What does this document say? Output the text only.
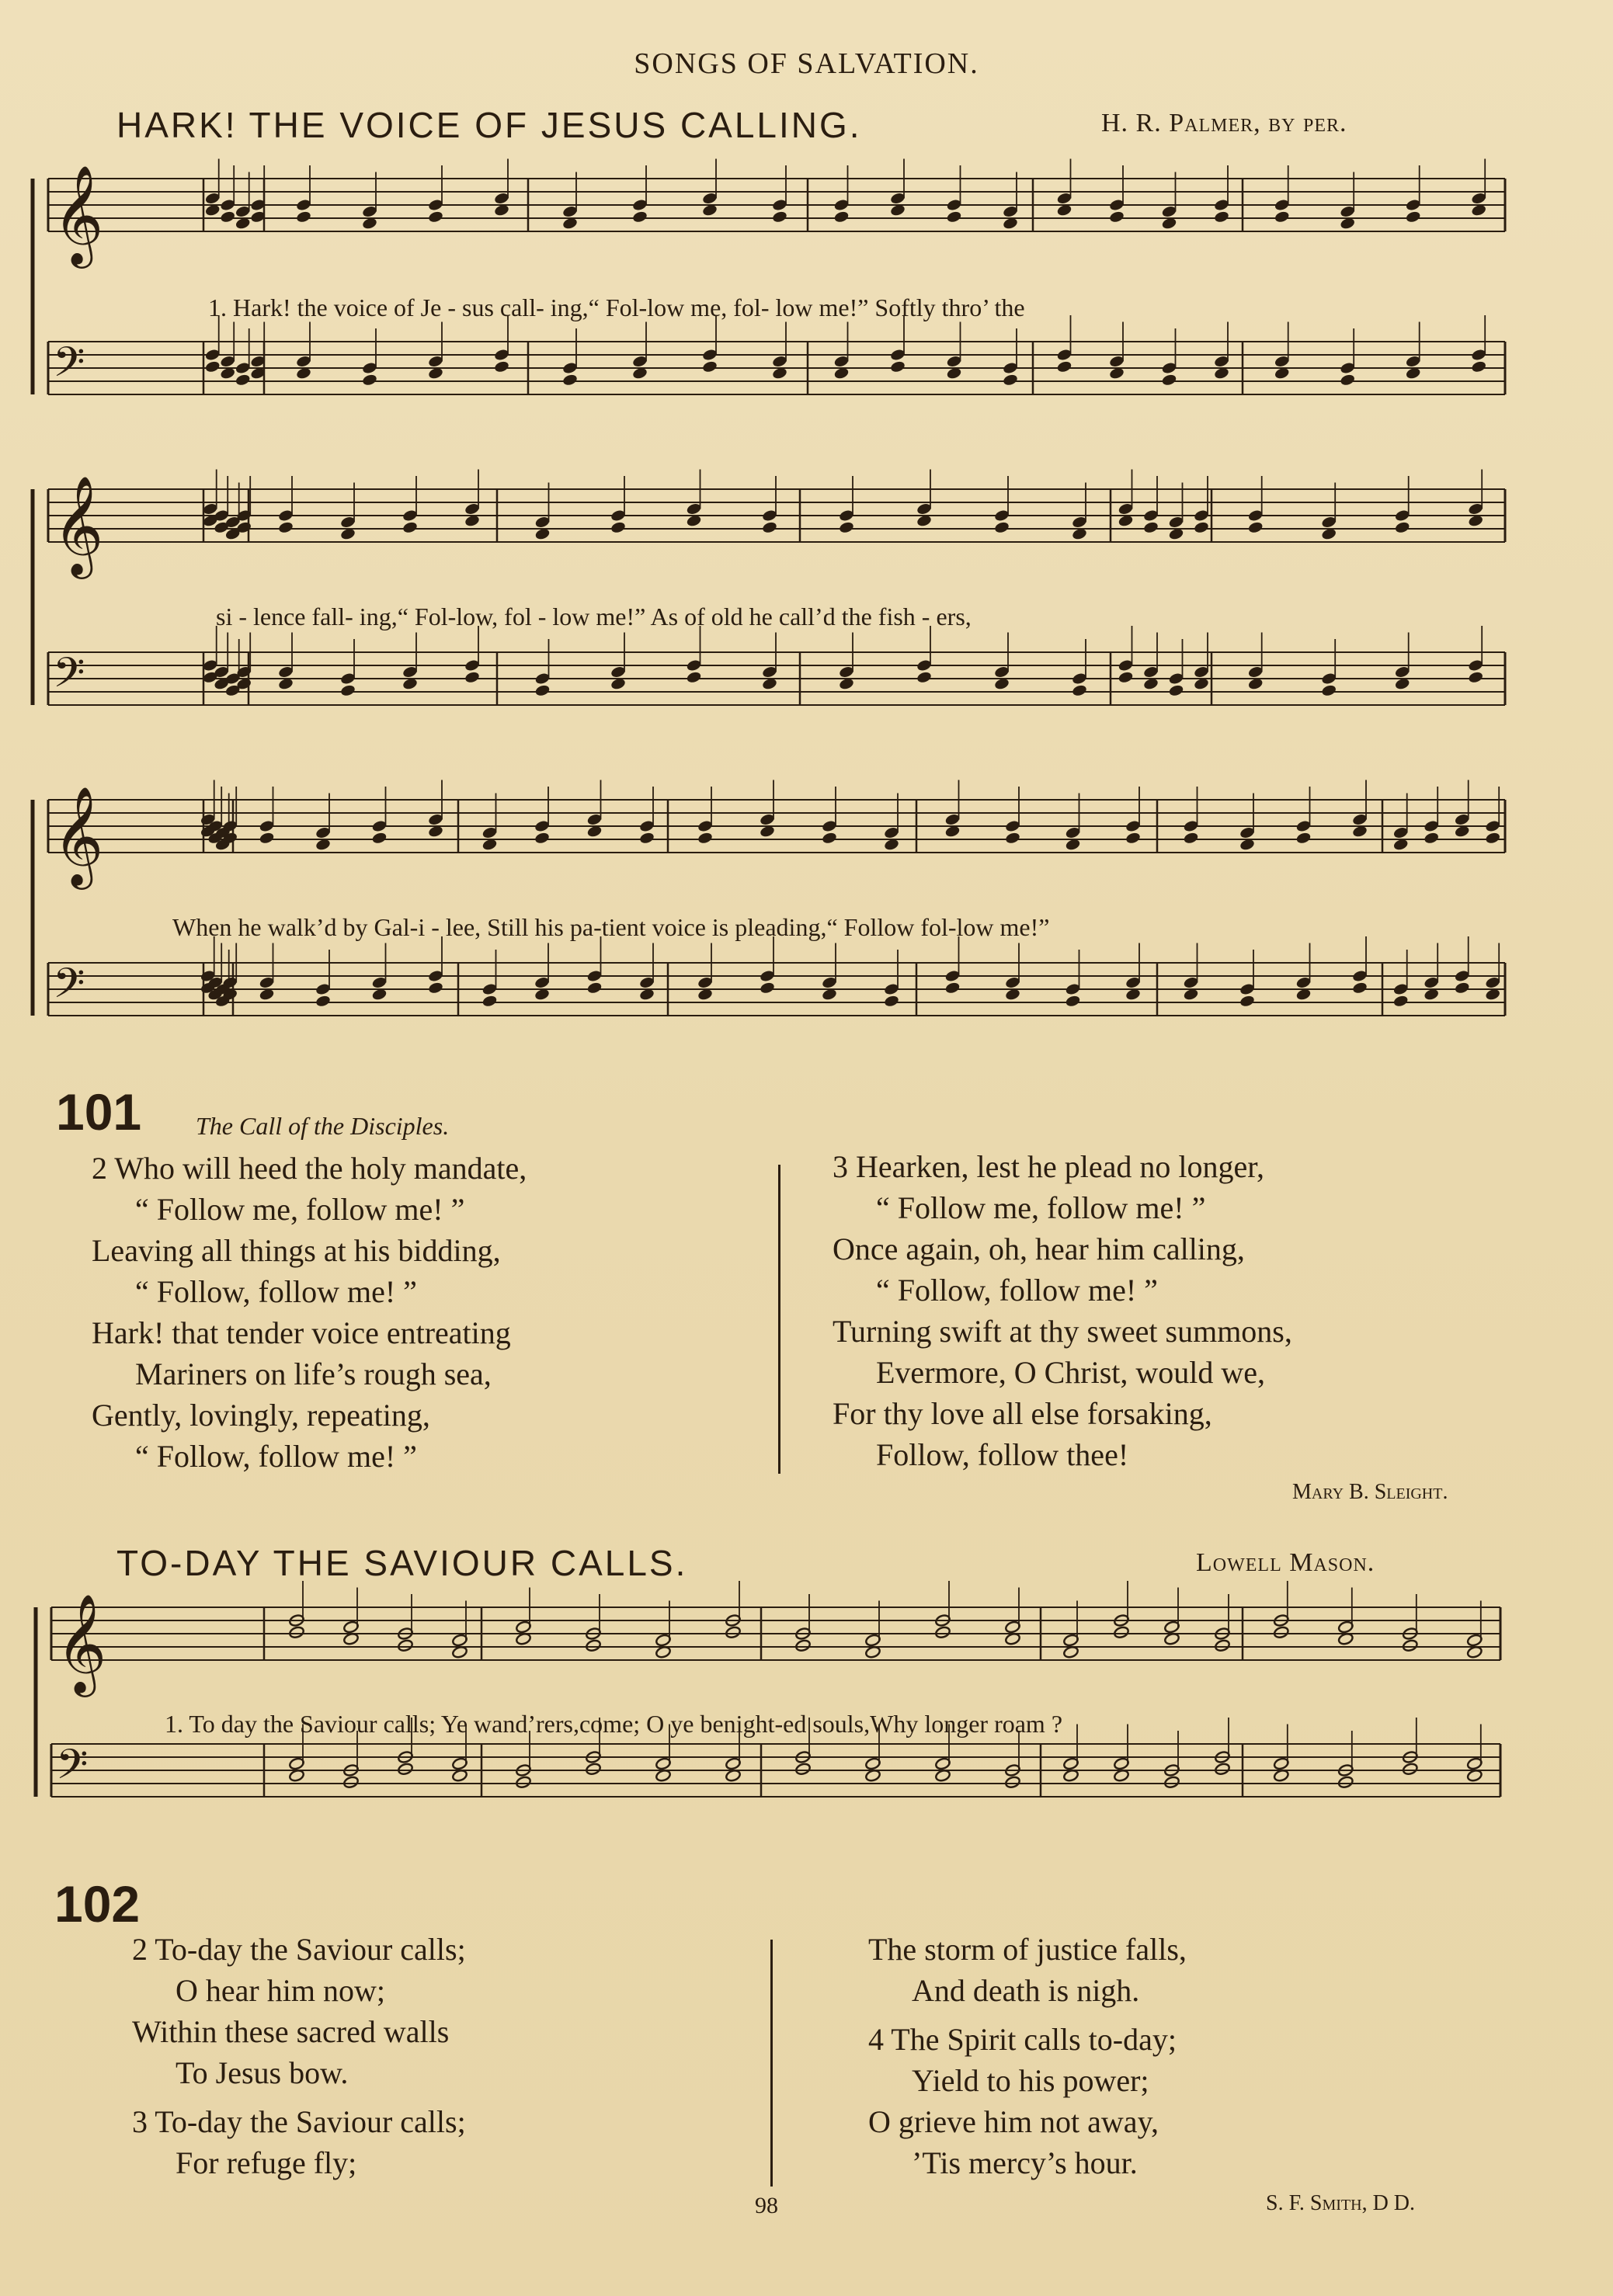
SONGS OF SALVATION.
HARK! THE VOICE OF JESUS CALLING.	H. R. Palmer, by per.
𝄞
𝄢
𝄞
𝄢
𝄞
𝄢
𝄞
𝄢
1. Hark! the voice of Je - sus call- ing,“ Fol-low me, fol- low me!” Softly thro’ the
si - lence fall- ing,“ Fol-low, fol - low me!” As of old he call’d the fish - ers,
When he walk’d by Gal-i - lee, Still his pa-tient voice is pleading,“ Follow fol-low me!”
101 The Call of the Disciples.
2 Who will heed the holy mandate,
“ Follow me, follow me! ”
Leaving all things at his bidding,
“ Follow, follow me! ”
Hark! that tender voice entreating
Mariners on life’s rough sea,
Gently, lovingly, repeating,
“ Follow, follow me! ”
3 Hearken, lest he plead no longer,
“ Follow me, follow me! ”
Once again, oh, hear him calling,
“ Follow, follow me! ”
Turning swift at thy sweet summons,
Evermore, O Christ, would we,
For thy love all else forsaking,
Follow, follow thee!
Mary B. Sleight.
TO-DAY THE SAVIOUR CALLS.	Lowell Mason.
1. To day the Saviour calls; Ye wand’rers,come; O ye benight-ed souls,Why longer roam ?
102
2 To-day the Saviour calls;
O hear him now;
Within these sacred walls
To Jesus bow.
3 To-day the Saviour calls;
For refuge fly;
The storm of justice falls,
And death is nigh.
4 The Spirit calls to-day;
Yield to his power;
O grieve him not away,
’Tis mercy’s hour.
98	S. F. Smith, D D.
